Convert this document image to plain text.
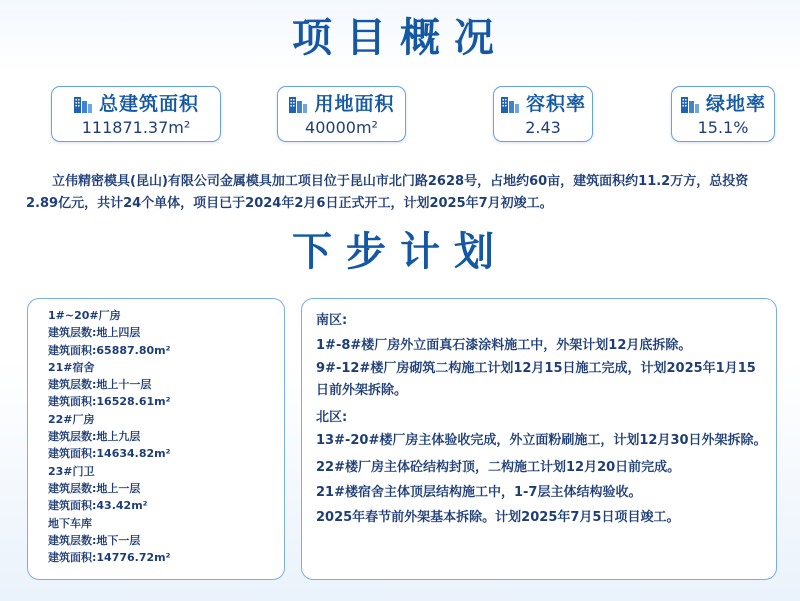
项目概况
总建筑面积
111871.37m²
用地面积
40000m²
容积率
2.43
绿地率
15.1%
立伟精密模具(昆山)有限公司金属模具加工项目位于昆山市北门路2628号，占地约60亩，建筑面积约11.2万方，总投资2.89亿元，共计24个单体，项目已于2024年2月6日正式开工，计划2025年7月初竣工。
下步计划
1#~20#厂房
建筑层数:地上四层
建筑面积:65887.80m²
21#宿舍
建筑层数:地上十一层
建筑面积:16528.61m²
22#厂房
建筑层数:地上九层
建筑面积:14634.82m²
23#门卫
建筑层数:地上一层
建筑面积:43.42m²
地下车库
建筑层数:地下一层
建筑面积:14776.72m²
南区:
1#-8#楼厂房外立面真石漆涂料施工中，外架计划12月底拆除。
9#-12#楼厂房砌筑二构施工计划12月15日施工完成，计划2025年1月15日前外架拆除。
北区:
13#-20#楼厂房主体验收完成，外立面粉刷施工，计划12月30日外架拆除。
22#楼厂房主体砼结构封顶，二构施工计划12月20日前完成。
21#楼宿舍主体顶层结构施工中，1-7层主体结构验收。
2025年春节前外架基本拆除。计划2025年7月5日项目竣工。
